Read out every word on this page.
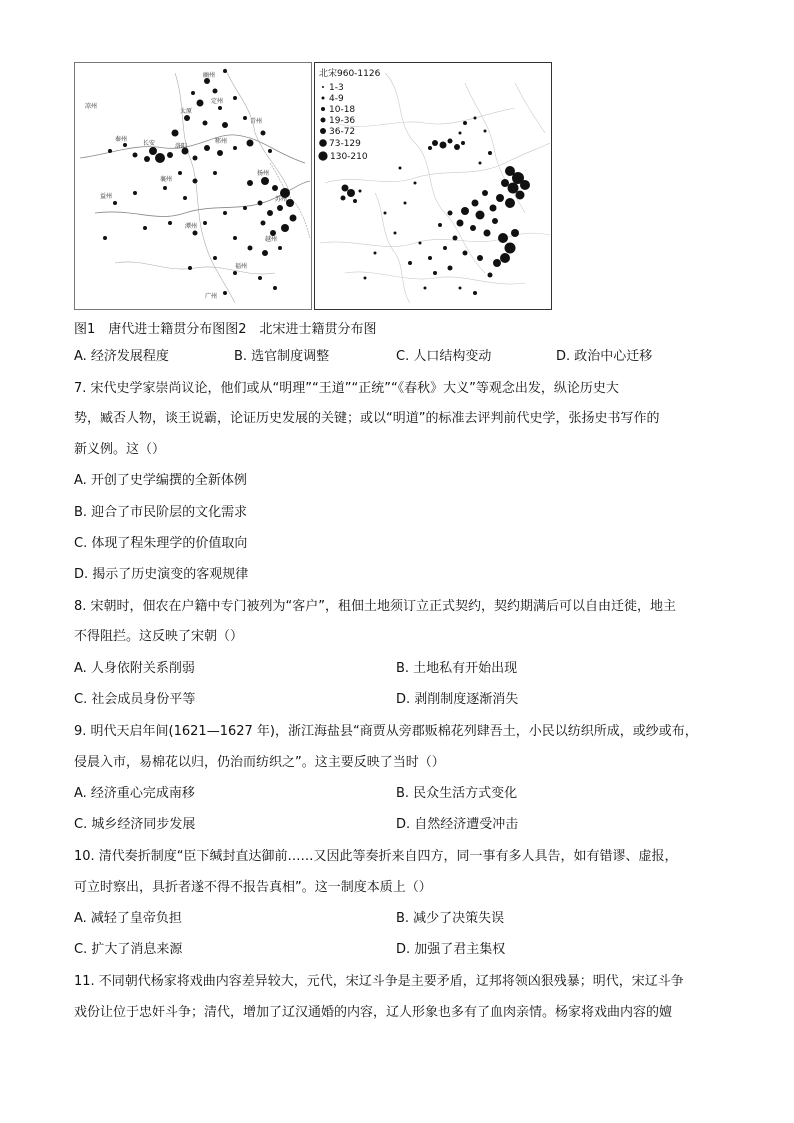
幽州
定州
太原
秦州
长安	洛阳
郓州
扬州
苏州
襄州
益州
潭州
越州
福州
广州
凉州
青州
北宋960-1126
1-3
4-9
10-18
19-36
36-72
73-129
130-210
图1　唐代进士籍贯分布图图2　北宋进士籍贯分布图
A. 经济发展程度	B. 选官制度调整	C. 人口结构变动	D. 政治中心迁移
7. 宋代史学家崇尚议论，他们或从“明理”“王道”“正统”“《春秋》大义”等观念出发，纵论历史大
势，臧否人物，谈王说霸，论证历史发展的关键；或以“明道”的标准去评判前代史学，张扬史书写作的
新义例。这（）
A. 开创了史学编撰的全新体例
B. 迎合了市民阶层的文化需求
C. 体现了程朱理学的价值取向
D. 揭示了历史演变的客观规律
8. 宋朝时，佃农在户籍中专门被列为“客户”，租佃土地须订立正式契约，契约期满后可以自由迁徙，地主
不得阻拦。这反映了宋朝（）
A. 人身依附关系削弱	B. 土地私有开始出现
C. 社会成员身份平等	D. 剥削制度逐渐消失
9. 明代天启年间(1621—1627 年)，浙江海盐县“商贾从旁郡贩棉花列肆吾土，小民以纺织所成，或纱或布，
侵晨入市，易棉花以归，仍治而纺织之”。这主要反映了当时（）
A. 经济重心完成南移	B. 民众生活方式变化
C. 城乡经济同步发展	D. 自然经济遭受冲击
10. 清代奏折制度“臣下缄封直达御前……又因此等奏折来自四方，同一事有多人具告，如有错谬、虚报，
可立时察出，具折者遂不得不报告真相”。这一制度本质上（）
A. 减轻了皇帝负担	B. 减少了决策失误
C. 扩大了消息来源	D. 加强了君主集权
11. 不同朝代杨家将戏曲内容差异较大，元代，宋辽斗争是主要矛盾，辽邦将领凶狠残暴；明代，宋辽斗争
戏份让位于忠奸斗争；清代，增加了辽汉通婚的内容，辽人形象也多有了血肉亲情。杨家将戏曲内容的嬗
